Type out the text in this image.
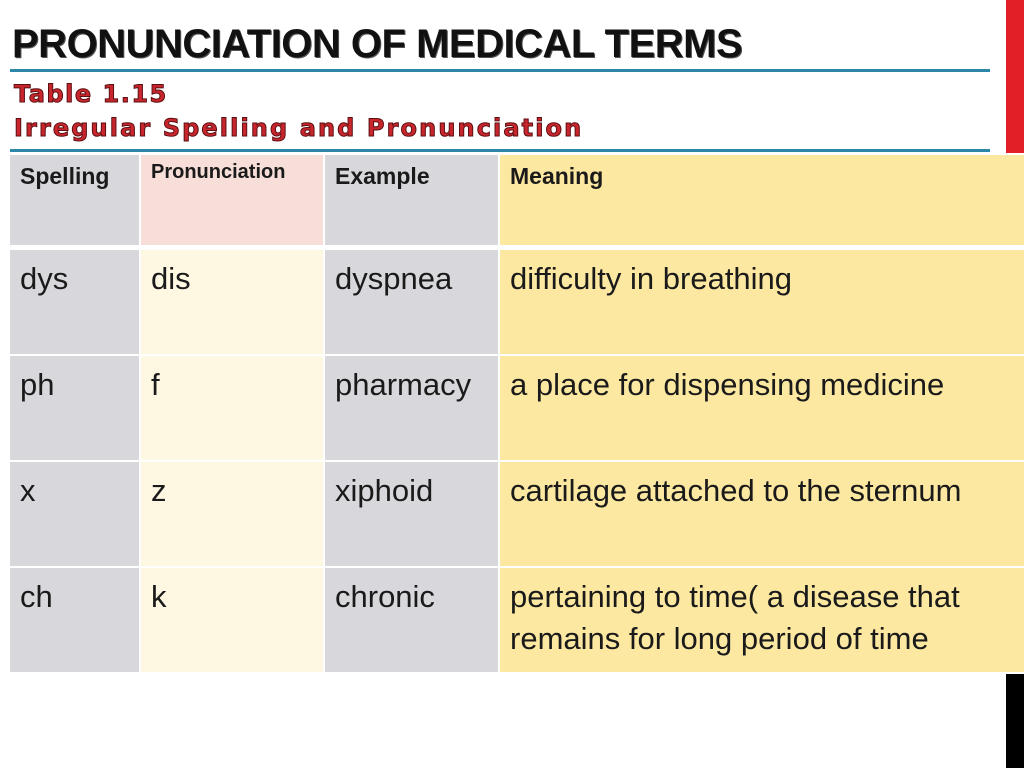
PRONUNCIATION OF MEDICAL TERMS
Table 1.15
Irregular Spelling and Pronunciation
Spelling	Pronunciation	Example	Meaning
dys	dis	dyspnea	difficulty in breathing
ph	f	pharmacy	a place for dispensing medicine
x	z	xiphoid	cartilage attached to the sternum
ch	k	chronic	pertaining to time( a disease that remains for long period of time
